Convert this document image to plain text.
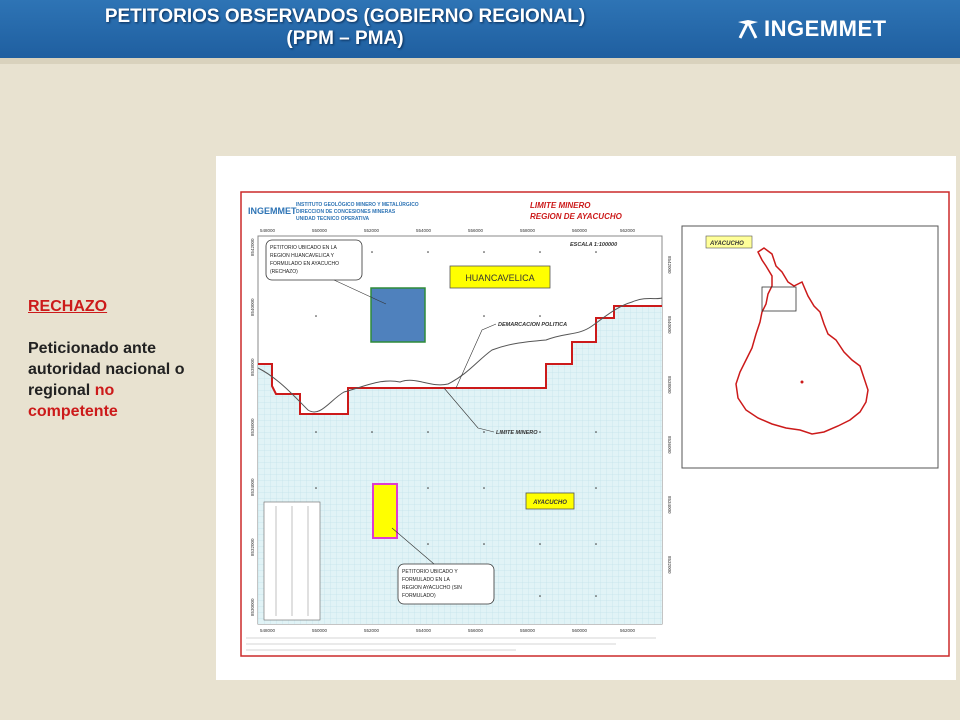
PETITORIOS OBSERVADOS (GOBIERNO REGIONAL)
(PPM – PMA)	INGEMMET
RECHAZO
Peticionado ante autoridad nacional o regional no competente
INGEMMET
INSTITUTO GEOLÓGICO MINERO Y METALÚRGICO
DIRECCION DE CONCESIONES MINERAS
UNIDAD TECNICO OPERATIVA
LIMITE MINERO
REGION DE AYACUCHO
HUANCAVELICA
AYACUCHO
DEMARCACION POLITICA
LIMITE MINERO
PETITORIO UBICADO EN LA
REGION HUANCAVELICA Y
FORMULADO EN AYACUCHO
(RECHAZO)
PETITORIO UBICADO Y
FORMULADO EN LA
REGION AYACUCHO (SIN
FORMULADO)
ESCALA 1:100000
548000	550000	552000	554000	556000	558000	560000	562000
548000	550000	552000	554000	556000	558000	560000	562000
8542000
8540000
8538000
8536000
8534000
8532000
8530000
8542000
8540000
8538000
8536000
8534000
8532000
AYACUCHO
